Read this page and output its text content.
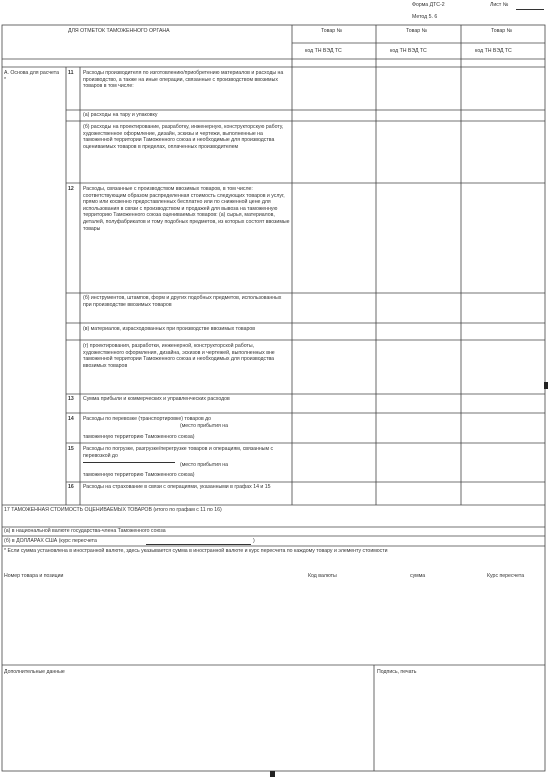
Форма ДТС-2
Метод 5. 6
Лист №
ДЛЯ ОТМЕТОК ТАМОЖЕННОГО ОРГАНА	Товар №	Товар №	Товар №
код ТН ВЭД ТС	код ТН ВЭД ТС	код ТН ВЭД ТС
А. Основа для расчета *
11 Расходы производителя по изготовлению/приобретению материалов и расходы на производство, а также на иные операции, связанные с производством ввозимых товаров в том числе:
(а) расходы на тару и упаковку
(б) расходы на проектирование, разработку, инженерную, конструкторскую работу, художественное оформление, дизайн, эскизы и чертежи, выполненные на таможенной территории Таможенного союза и необходимые для производства оцениваемых товаров в пределах, оплаченных производителем
12 Расходы, связанные с производством ввозимых товаров, в том числе: соответствующим образом распределенная стоимость следующих товаров и услуг, прямо или косвенно предоставленных бесплатно или по сниженной цене для использования в связи с производством и продажей для вывоза на таможенную территорию Таможенного союза оцениваемых товаров: (а) сырья, материалов, деталей, полуфабрикатов и тому подобных предметов, из которых состоят ввозимые товары
(б) инструментов, штампов, форм и других подобных предметов, использованных при производстве ввозимых товаров
(в) материалов, израсходованных при производстве ввозимых товаров
(г) проектирования, разработки, инженерной, конструкторской работы, художественного оформления, дизайна, эскизов и чертежей, выполненных вне таможенной территории Таможенного союза и необходимых для производства ввозимых товаров
13 Сумма прибыли и коммерческих и управленческих расходов
14 Расходы по перевозке (транспортировке) товаров до
(место прибытия на
таможенную территорию Таможенного союза)
15 Расходы по погрузке, разгрузке/перегрузке товаров и операциям, связанным с перевозкой до
(место прибытия на
таможенную территорию Таможенного союза)
16 Расходы на страхование в связи с операциями, указанными в графах 14 и 15
17 ТАМОЖЕННАЯ СТОИМОСТЬ ОЦЕНИВАЕМЫХ ТОВАРОВ (итого по графам с 11 по 16)
(а) в национальной валюте государства-члена Таможенного союза
(б) в ДОЛЛАРАХ США (курс пересчета	)
* Если сумма установлена в иностранной валюте, здесь указывается сумма в иностранной валюте и курс пересчета по каждому товару и элементу стоимости
Номер товара и позиции	Код валюты	сумма	Курс пересчета
Дополнительные данные	Подпись, печать
